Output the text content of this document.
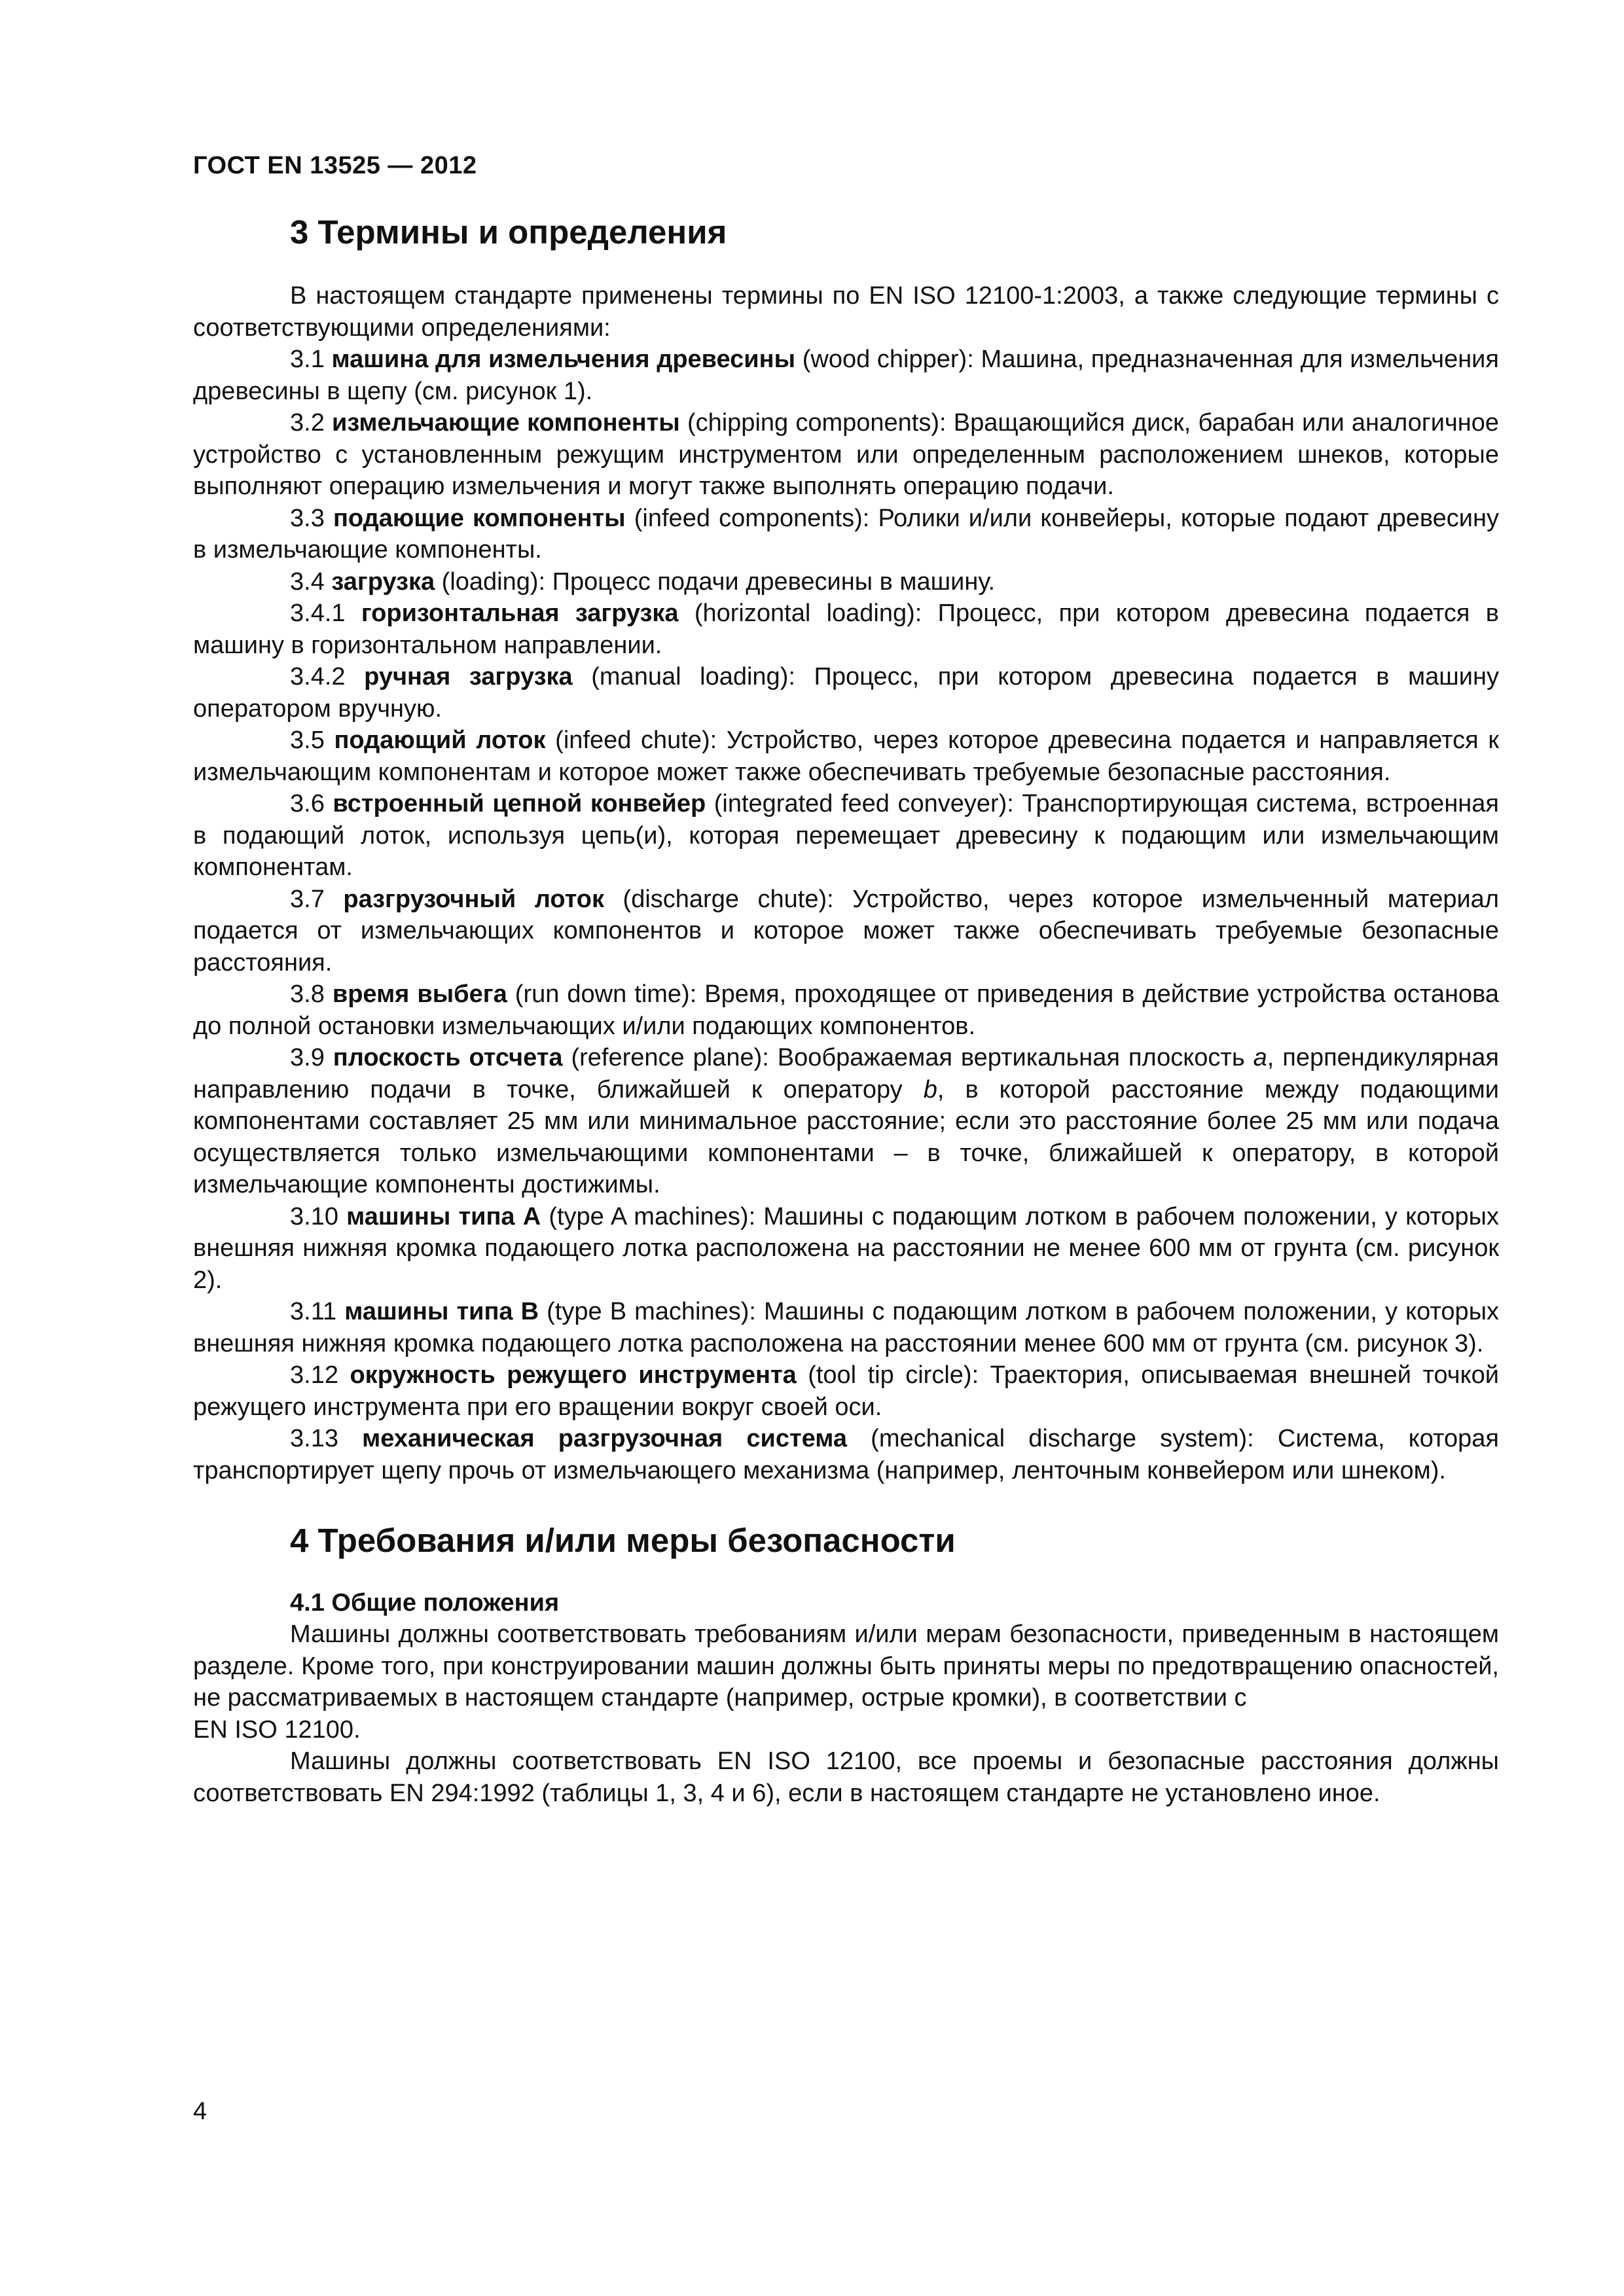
ГОСТ EN 13525 — 2012
3 Термины и определения

В настоящем стандарте применены термины по EN ISO 12100-1:2003, а также следующие термины с соответствующими определениями:

3.1 машина для измельчения древесины (wood chipper): Машина, предназначенная для измельчения древесины в щепу (см. рисунок 1).

3.2 измельчающие компоненты (chipping components): Вращающийся диск, барабан или аналогичное устройство с установленным режущим инструментом или определенным расположением шнеков, которые выполняют операцию измельчения и могут также выполнять операцию подачи.

3.3 подающие компоненты (infeed components): Ролики и/или конвейеры, которые подают древесину в измельчающие компоненты.

3.4 загрузка (loading): Процесс подачи древесины в машину.

3.4.1 горизонтальная загрузка (horizontal loading): Процесс, при котором древесина подается в машину в горизонтальном направлении.

3.4.2 ручная загрузка (manual loading): Процесс, при котором древесина подается в машину оператором вручную.

3.5 подающий лоток (infeed chute): Устройство, через которое древесина подается и направляется к измельчающим компонентам и которое может также обеспечивать требуемые безопасные расстояния.

3.6 встроенный цепной конвейер (integrated feed conveyer): Транспортирующая система, встроенная в подающий лоток, используя цепь(и), которая перемещает древесину к подающим или измельчающим компонентам.

3.7 разгрузочный лоток (discharge chute): Устройство, через которое измельченный материал подается от измельчающих компонентов и которое может также обеспечивать требуемые безопасные расстояния.

3.8 время выбега (run down time): Время, проходящее от приведения в действие устройства останова до полной остановки измельчающих и/или подающих компонентов.

3.9 плоскость отсчета (reference plane): Воображаемая вертикальная плоскость a, перпендикулярная направлению подачи в точке, ближайшей к оператору b, в которой расстояние между подающими компонентами составляет 25 мм или минимальное расстояние; если это расстояние более 25 мм или подача осуществляется только измельчающими компонентами – в точке, ближайшей к оператору, в которой измельчающие компоненты достижимы.

3.10 машины типа А (type A machines): Машины с подающим лотком в рабочем положении, у которых внешняя нижняя кромка подающего лотка расположена на расстоянии не менее 600 мм от грунта (см. рисунок 2).

3.11 машины типа В (type B machines): Машины с подающим лотком в рабочем положении, у которых внешняя нижняя кромка подающего лотка расположена на расстоянии менее 600 мм от грунта (см. рисунок 3).

3.12 окружность режущего инструмента (tool tip circle): Траектория, описываемая внешней точкой режущего инструмента при его вращении вокруг своей оси.

3.13 механическая разгрузочная система (mechanical discharge system): Система, которая транспортирует щепу прочь от измельчающего механизма (например, ленточным конвейером или шнеком).

4 Требования и/или меры безопасности
4.1 Общие положения

Машины должны соответствовать требованиям и/или мерам безопасности, приведенным в настоящем разделе. Кроме того, при конструировании машин должны быть приняты меры по предотвращению опасностей, не рассматриваемых в настоящем стандарте (например, острые кромки), в соответствии с

EN ISO 12100.

Машины должны соответствовать EN ISO 12100, все проемы и безопасные расстояния должны соответствовать EN 294:1992 (таблицы 1, 3, 4 и 6), если в настоящем стандарте не установлено иное.

4
